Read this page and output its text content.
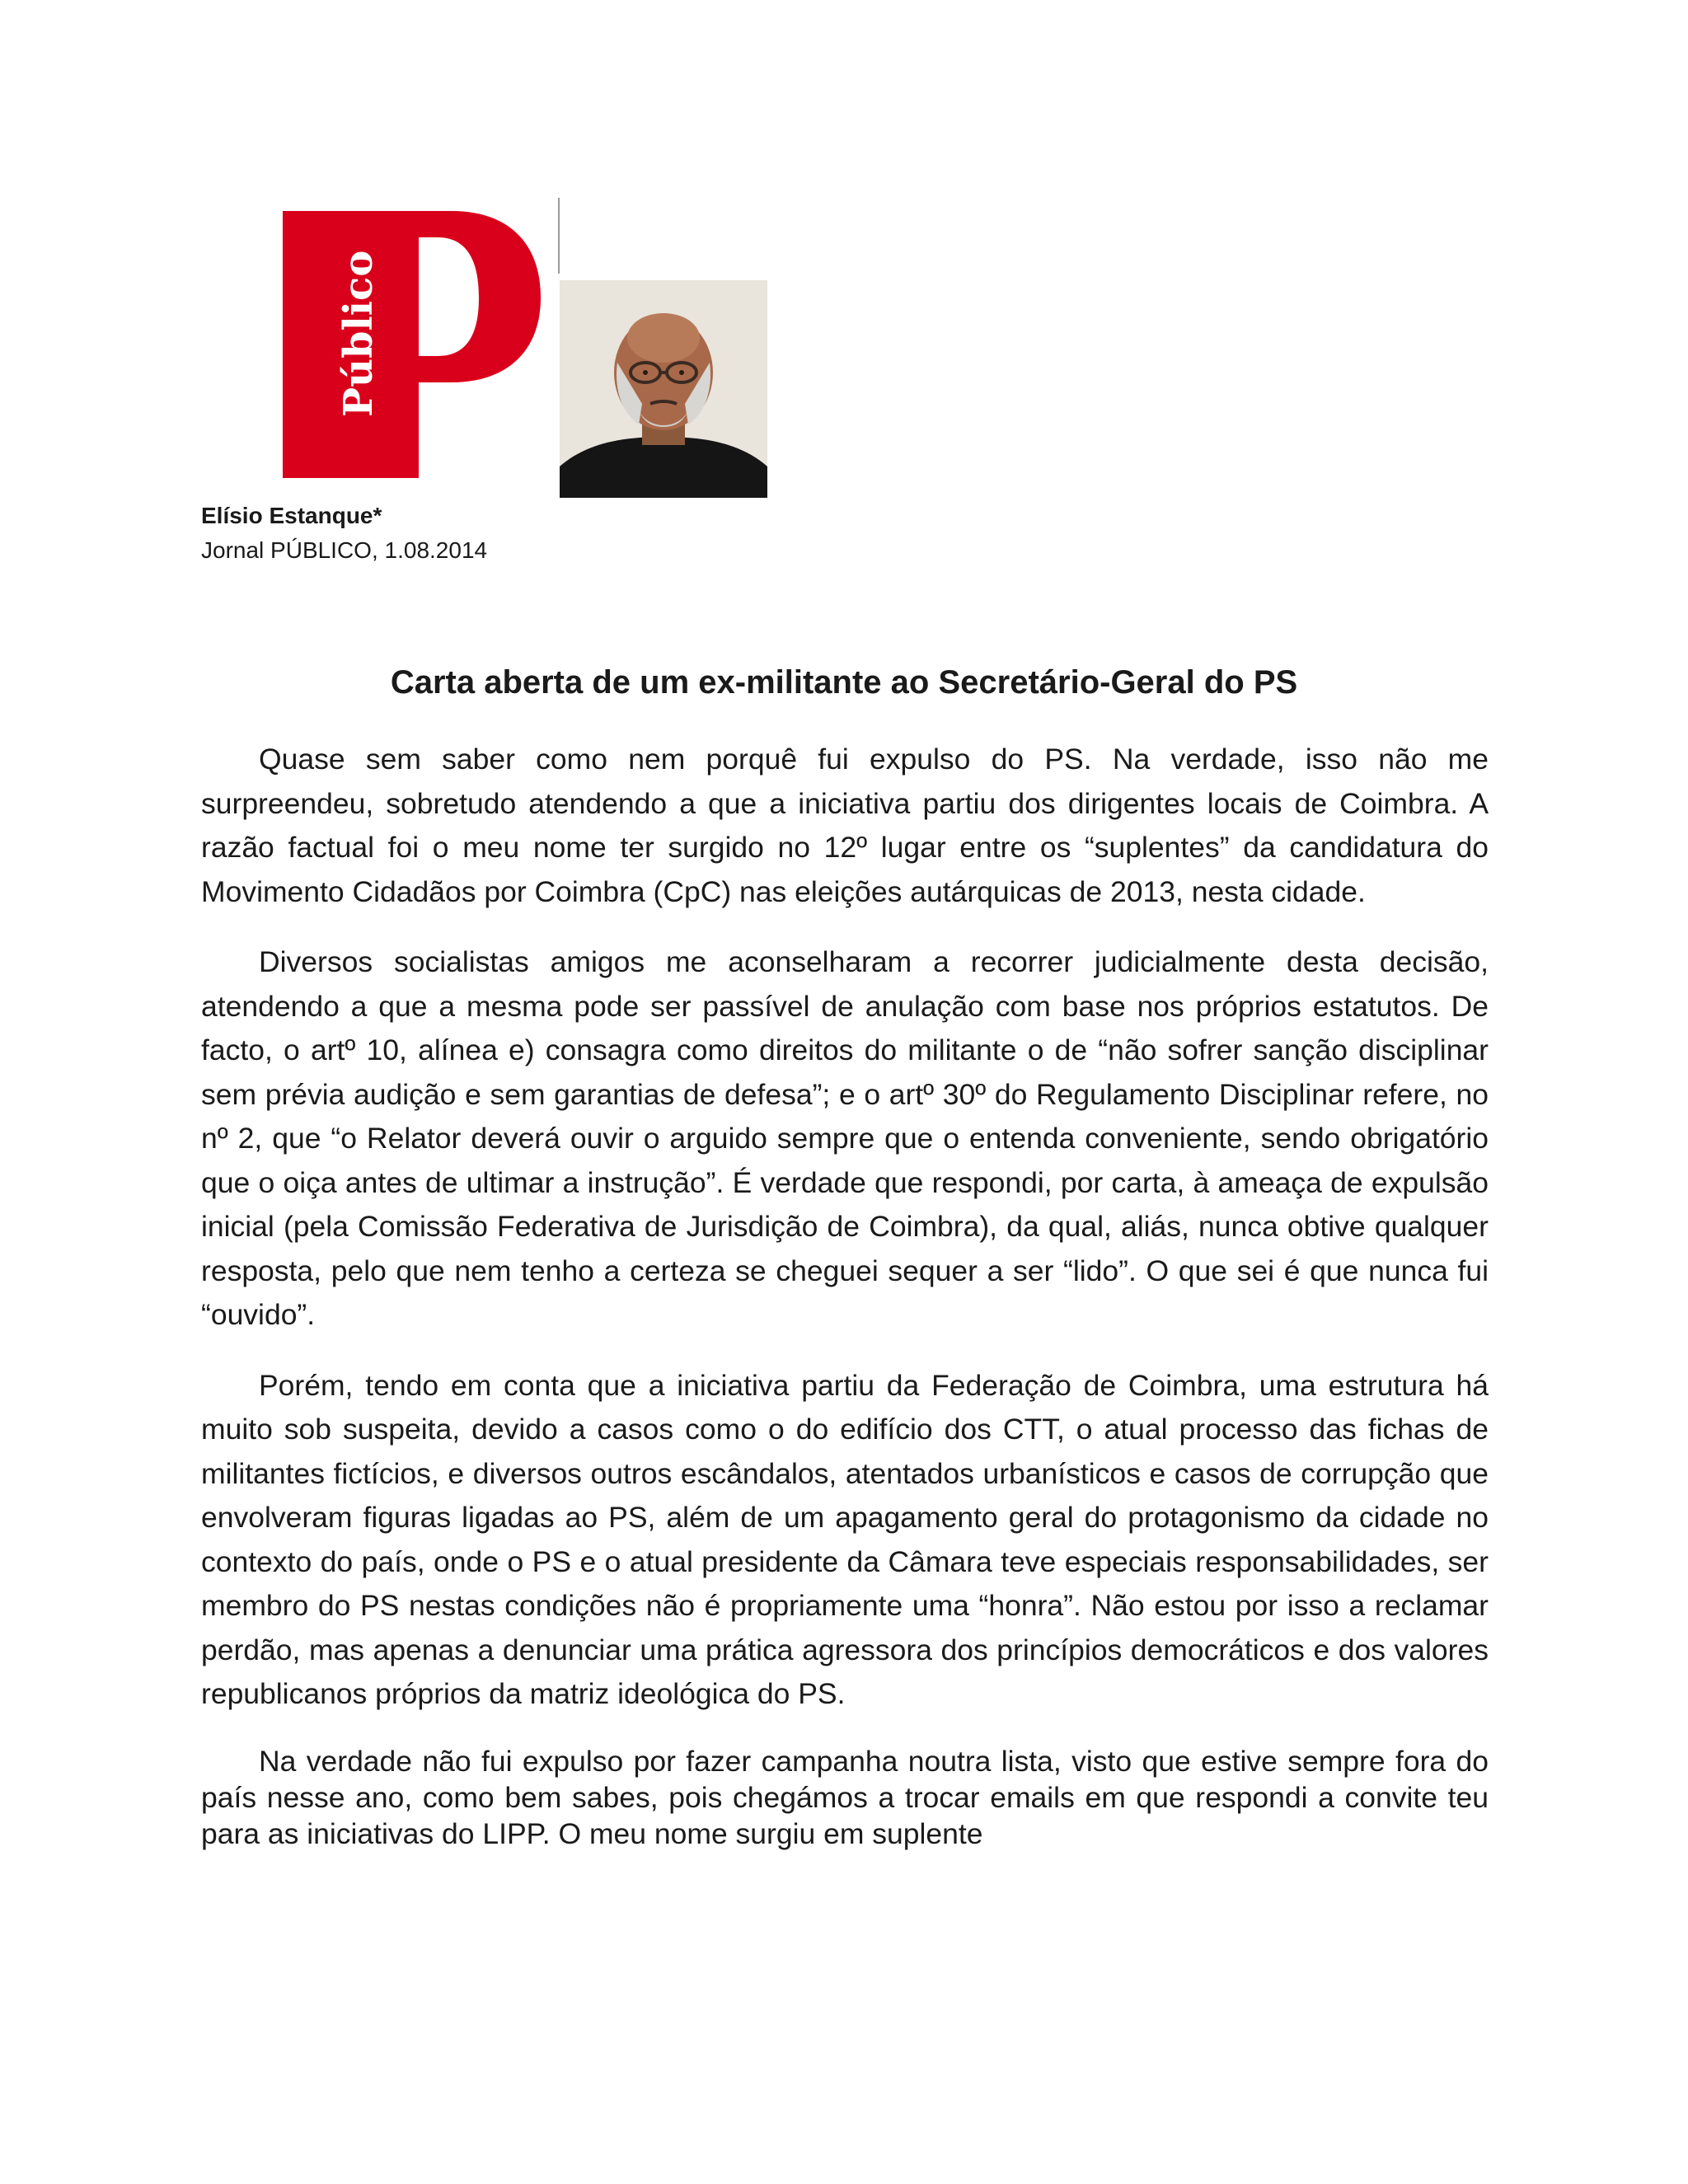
Público
Elísio Estanque*
Jornal PÚBLICO, 1.08.2014
Carta aberta de um ex-militante ao Secretário-Geral do PS

Quase sem saber como nem porquê fui expulso do PS. Na verdade, isso não me surpreendeu, sobretudo atendendo a que a iniciativa partiu dos dirigentes locais de Coimbra. A razão factual foi o meu nome ter surgido no 12º lugar entre os “suplentes” da candidatura do Movimento Cidadãos por Coimbra (CpC) nas eleições autárquicas de 2013, nesta cidade.

Diversos socialistas amigos me aconselharam a recorrer judicialmente desta decisão, atendendo a que a mesma pode ser passível de anulação com base nos próprios estatutos. De facto, o artº 10, alínea e) consagra como direitos do militante o de “não sofrer sanção disciplinar sem prévia audição e sem garantias de defesa”; e o artº 30º do Regulamento Disciplinar refere, no nº 2, que “o Relator deverá ouvir o arguido sempre que o entenda conveniente, sendo obrigatório que o oiça antes de ultimar a instrução”. É verdade que respondi, por carta, à ameaça de expulsão inicial (pela Comissão Federativa de Jurisdição de Coimbra), da qual, aliás, nunca obtive qualquer resposta, pelo que nem tenho a certeza se cheguei sequer a ser “lido”. O que sei é que nunca fui “ouvido”.

Porém, tendo em conta que a iniciativa partiu da Federação de Coimbra, uma estrutura há muito sob suspeita, devido a casos como o do edifício dos CTT, o atual processo das fichas de militantes fictícios, e diversos outros escândalos, atentados urbanísticos e casos de corrupção que envolveram figuras ligadas ao PS, além de um apagamento geral do protagonismo da cidade no contexto do país, onde o PS e o atual presidente da Câmara teve especiais responsabilidades, ser membro do PS nestas condições não é propriamente uma “honra”. Não estou por isso a reclamar perdão, mas apenas a denunciar uma prática agressora dos princípios democráticos e dos valores republicanos próprios da matriz ideológica do PS.

Na verdade não fui expulso por fazer campanha noutra lista, visto que estive sempre fora do país nesse ano, como bem sabes, pois chegámos a trocar emails em que respondi a convite teu para as iniciativas do LIPP. O meu nome surgiu em suplente
